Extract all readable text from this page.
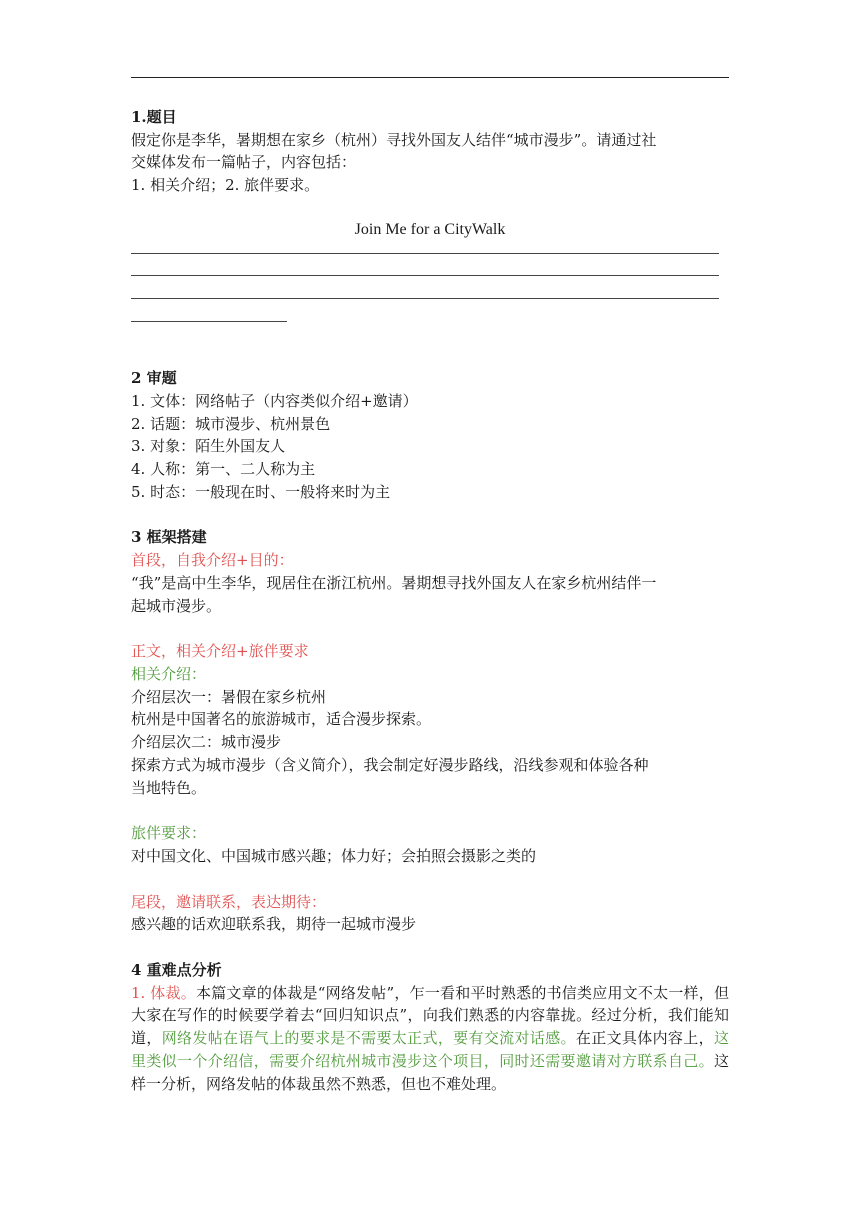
1.题目

假定你是李华，暑期想在家乡（杭州）寻找外国友人结伴“城市漫步”。请通过社

交媒体发布一篇帖子，内容包括：

1. 相关介绍；2. 旅伴要求。

Join Me for a CityWalk

2 审题

1. 文体：网络帖子（内容类似介绍+邀请）

2. 话题：城市漫步、杭州景色

3. 对象：陌生外国友人

4. 人称：第一、二人称为主

5. 时态：一般现在时、一般将来时为主

3 框架搭建

首段，自我介绍+目的：

“我”是高中生李华，现居住在浙江杭州。暑期想寻找外国友人在家乡杭州结伴一

起城市漫步。

正文，相关介绍+旅伴要求

相关介绍：

介绍层次一：暑假在家乡杭州

杭州是中国著名的旅游城市，适合漫步探索。

介绍层次二：城市漫步

探索方式为城市漫步（含义简介），我会制定好漫步路线，沿线参观和体验各种

当地特色。

旅伴要求：

对中国文化、中国城市感兴趣；体力好；会拍照会摄影之类的

尾段，邀请联系，表达期待：

感兴趣的话欢迎联系我，期待一起城市漫步

4 重难点分析

1. 体裁。本篇文章的体裁是“网络发帖”，乍一看和平时熟悉的书信类应用文不太一样，但大家在写作的时候要学着去“回归知识点”，向我们熟悉的内容靠拢。经过分析，我们能知道，网络发帖在语气上的要求是不需要太正式，要有交流对话感。在正文具体内容上，这里类似一个介绍信，需要介绍杭州城市漫步这个项目，同时还需要邀请对方联系自己。这样一分析，网络发帖的体裁虽然不熟悉，但也不难处理。
